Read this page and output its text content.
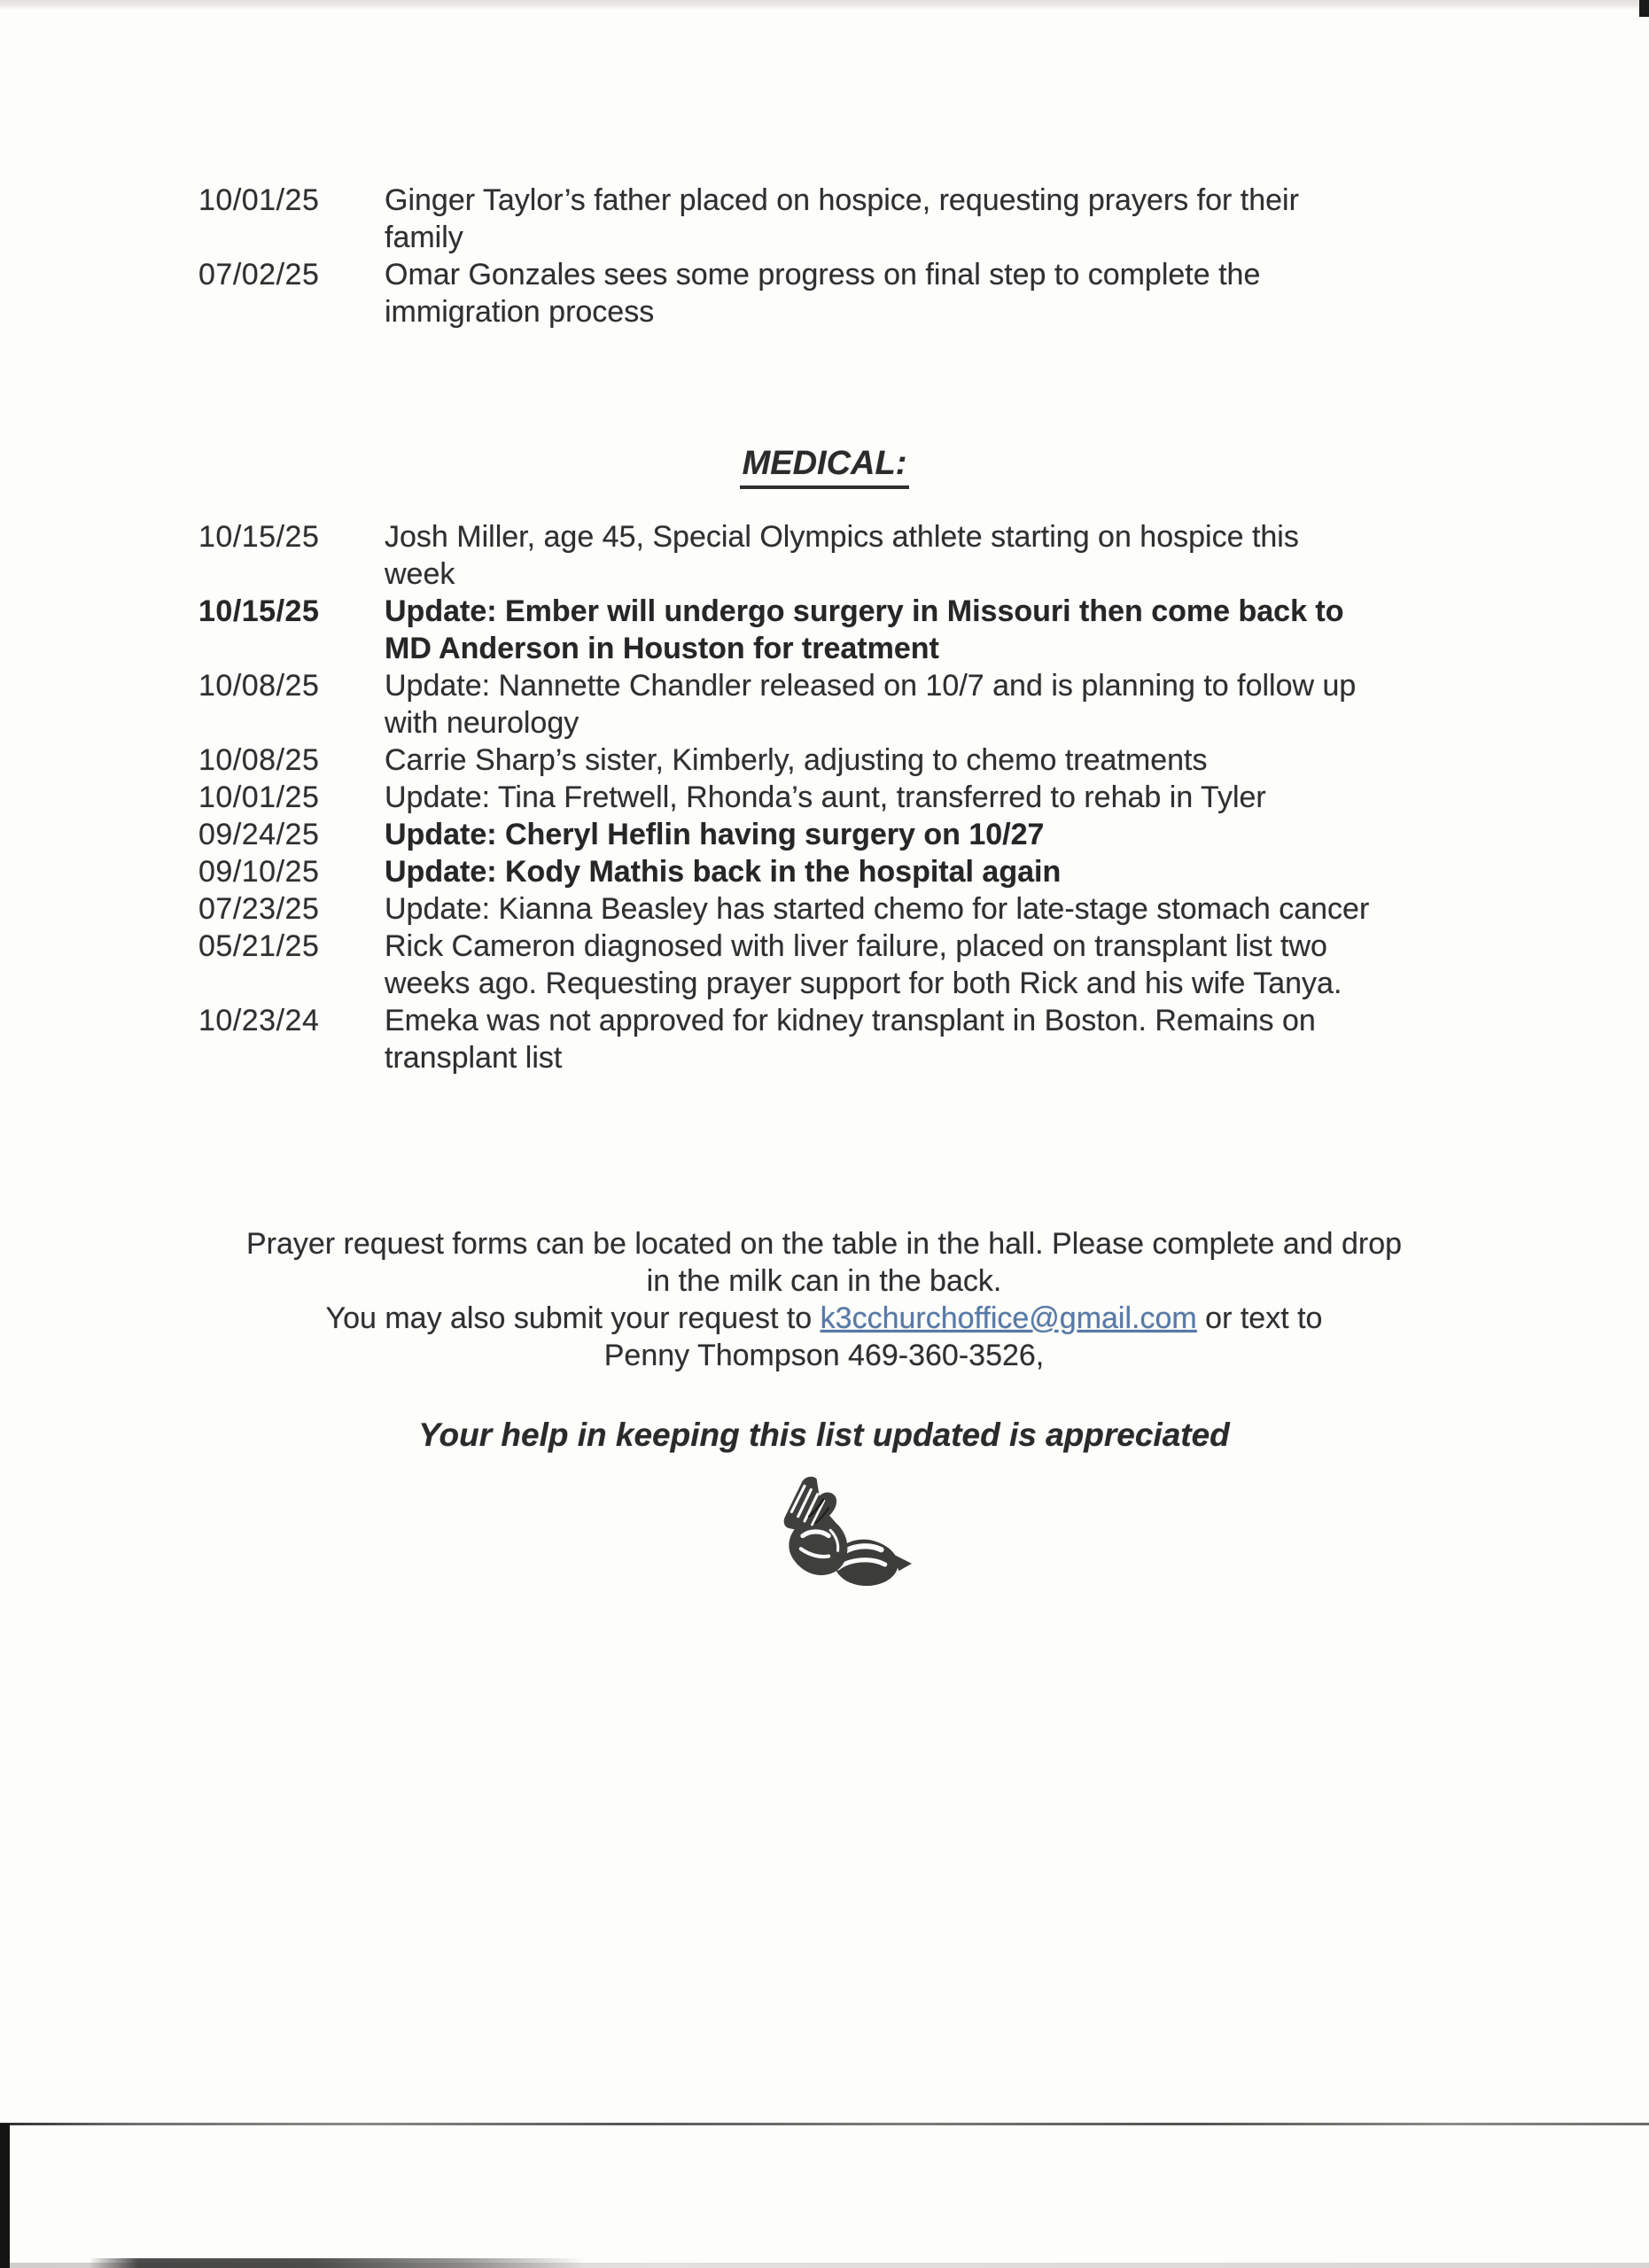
10/01/25 Ginger Taylor’s father placed on hospice, requesting prayers for their
family
07/02/25 Omar Gonzales sees some progress on final step to complete the
immigration process
MEDICAL:
10/15/25 Josh Miller, age 45, Special Olympics athlete starting on hospice this
week
10/15/25 Update: Ember will undergo surgery in Missouri then come back to
MD Anderson in Houston for treatment
10/08/25 Update: Nannette Chandler released on 10/7 and is planning to follow up
with neurology
10/08/25 Carrie Sharp’s sister, Kimberly, adjusting to chemo treatments
10/01/25 Update: Tina Fretwell, Rhonda’s aunt, transferred to rehab in Tyler
09/24/25 Update: Cheryl Heflin having surgery on 10/27
09/10/25 Update: Kody Mathis back in the hospital again
07/23/25 Update: Kianna Beasley has started chemo for late-stage stomach cancer
05/21/25 Rick Cameron diagnosed with liver failure, placed on transplant list two
weeks ago. Requesting prayer support for both Rick and his wife Tanya.
10/23/24 Emeka was not approved for kidney transplant in Boston. Remains on
transplant list
Prayer request forms can be located on the table in the hall. Please complete and drop
in the milk can in the back.
You may also submit your request to k3cchurchoffice@gmail.com or text to
Penny Thompson 469-360-3526,
Your help in keeping this list updated is appreciated
